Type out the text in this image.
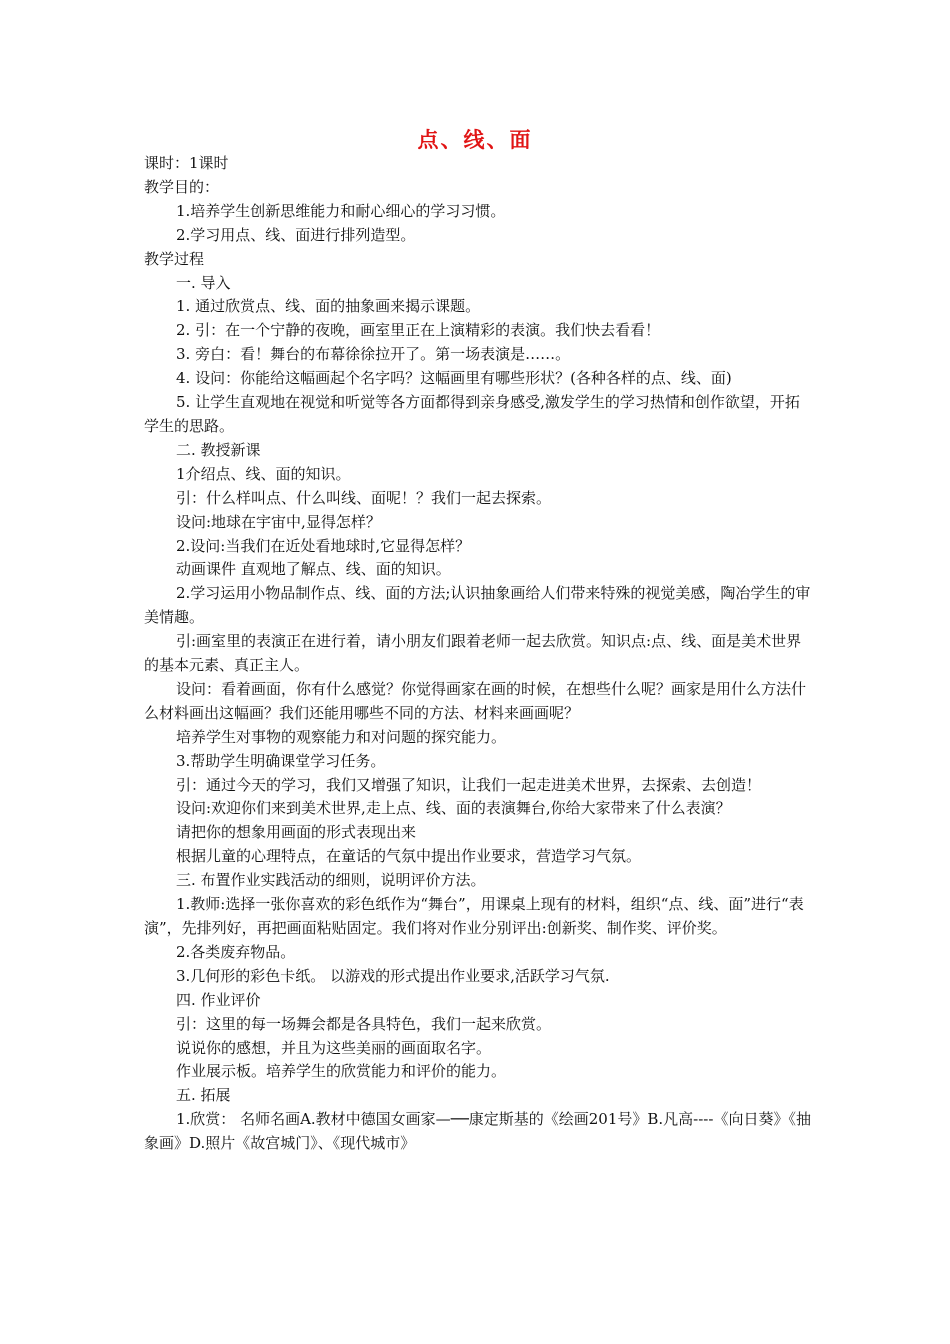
点、线、面

课时：1课时

教学目的：

1.培养学生创新思维能力和耐心细心的学习习惯。

2.学习用点、线、面进行排列造型。

教学过程

一. 导入

1. 通过欣赏点、线、面的抽象画来揭示课题。

2. 引：在一个宁静的夜晚，画室里正在上演精彩的表演。我们快去看看！

3. 旁白：看！舞台的布幕徐徐拉开了。第一场表演是……。

4. 设问：你能给这幅画起个名字吗？这幅画里有哪些形状？(各种各样的点、线、面)

5. 让学生直观地在视觉和听觉等各方面都得到亲身感受,激发学生的学习热情和创作欲望，开拓学生的思路。

二. 教授新课

1介绍点、线、面的知识。

引：什么样叫点、什么叫线、面呢！？我们一起去探索。

设问:地球在宇宙中,显得怎样？

2.设问:当我们在近处看地球时,它显得怎样？

动画课件 直观地了解点、线、面的知识。

2.学习运用小物品制作点、线、面的方法;认识抽象画给人们带来特殊的视觉美感，陶冶学生的审美情趣。

引:画室里的表演正在进行着，请小朋友们跟着老师一起去欣赏。知识点:点、线、面是美术世界的基本元素、真正主人。

设问：看着画面，你有什么感觉？你觉得画家在画的时候，在想些什么呢？画家是用什么方法什么材料画出这幅画？我们还能用哪些不同的方法、材料来画画呢？

培养学生对事物的观察能力和对问题的探究能力。

3.帮助学生明确课堂学习任务。

引：通过今天的学习，我们又增强了知识，让我们一起走进美术世界，去探索、去创造！

设问:欢迎你们来到美术世界,走上点、线、面的表演舞台,你给大家带来了什么表演？

请把你的想象用画面的形式表现出来

根据儿童的心理特点，在童话的气氛中提出作业要求，营造学习气氛。

三. 布置作业实践活动的细则，说明评价方法。

1.教师:选择一张你喜欢的彩色纸作为“舞台”，用课桌上现有的材料，组织“点、线、面”进行“表演”，先排列好，再把画面粘贴固定。我们将对作业分别评出:创新奖、制作奖、评价奖。

2.各类废弃物品。

3.几何形的彩色卡纸。 以游戏的形式提出作业要求,活跃学习气氛.

四. 作业评价

引：这里的每一场舞会都是各具特色，我们一起来欣赏。

说说你的感想，并且为这些美丽的画面取名字。

作业展示板。培养学生的欣赏能力和评价的能力。

五. 拓展

1.欣赏： 名师名画A.教材中德国女画家—──康定斯基的《绘画201号》B.凡高----《向日葵》《抽象画》D.照片《故宫城门》、《现代城市》
